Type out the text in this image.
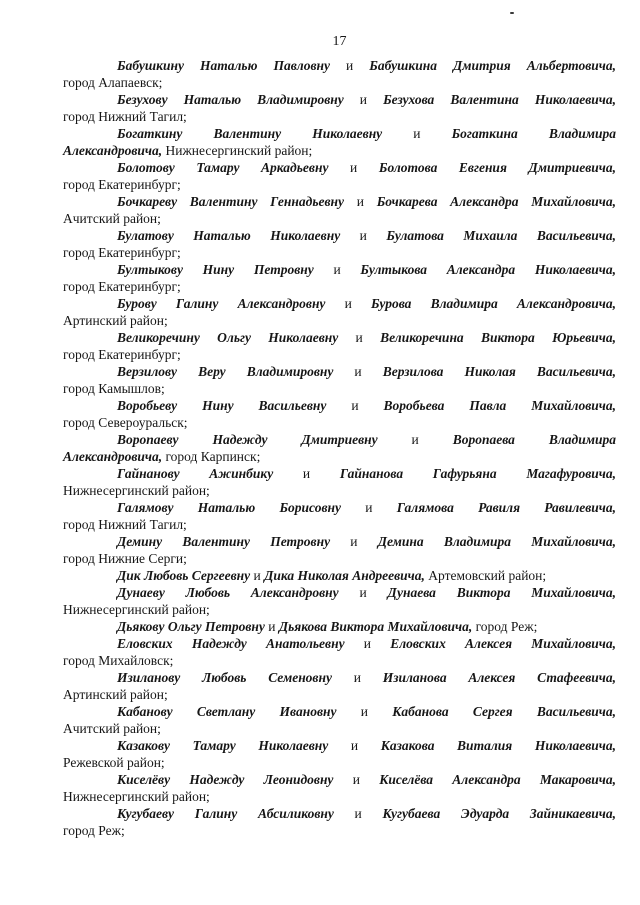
17
Бабушкину Наталью Павловну и Бабушкина Дмитрия Альбертовича,
город Алапаевск;
Безухову Наталью Владимировну и Безухова Валентина Николаевича,
город Нижний Тагил;
Богаткину Валентину Николаевну и Богаткина Владимира
Александровича, Нижнесергинский район;
Болотову Тамару Аркадьевну и Болотова Евгения Дмитриевича,
город Екатеринбург;
Бочкареву Валентину Геннадьевну и Бочкарева Александра Михайловича,
Ачитский район;
Булатову Наталью Николаевну и Булатова Михаила Васильевича,
город Екатеринбург;
Бултыкову Нину Петровну и Бултыкова Александра Николаевича,
город Екатеринбург;
Бурову Галину Александровну и Бурова Владимира Александровича,
Артинский район;
Великоречину Ольгу Николаевну и Великоречина Виктора Юрьевича,
город Екатеринбург;
Верзилову Веру Владимировну и Верзилова Николая Васильевича,
город Камышлов;
Воробьеву Нину Васильевну и Воробьева Павла Михайловича,
город Североуральск;
Воропаеву Надежду Дмитриевну и Воропаева Владимира
Александровича, город Карпинск;
Гайнанову Ажинбику и Гайнанова Гафурьяна Магафуровича,
Нижнесергинский район;
Галямову Наталью Борисовну и Галямова Равиля Равилевича,
город Нижний Тагил;
Демину Валентину Петровну и Демина Владимира Михайловича,
город Нижние Серги;
Дик Любовь Сергеевну и Дика Николая Андреевича, Артемовский район;
Дунаеву Любовь Александровну и Дунаева Виктора Михайловича,
Нижнесергинский район;
Дьякову Ольгу Петровну и Дьякова Виктора Михайловича, город Реж;
Еловских Надежду Анатольевну и Еловских Алексея Михайловича,
город Михайловск;
Изиланову Любовь Семеновну и Изиланова Алексея Стафеевича,
Артинский район;
Кабанову Светлану Ивановну и Кабанова Сергея Васильевича,
Ачитский район;
Казакову Тамару Николаевну и Казакова Виталия Николаевича,
Режевской район;
Киселёву Надежду Леонидовну и Киселёва Александра Макаровича,
Нижнесергинский район;
Кугубаеву Галину Абсиликовну и Кугубаева Эдуарда Зайникаевича,
город Реж;
